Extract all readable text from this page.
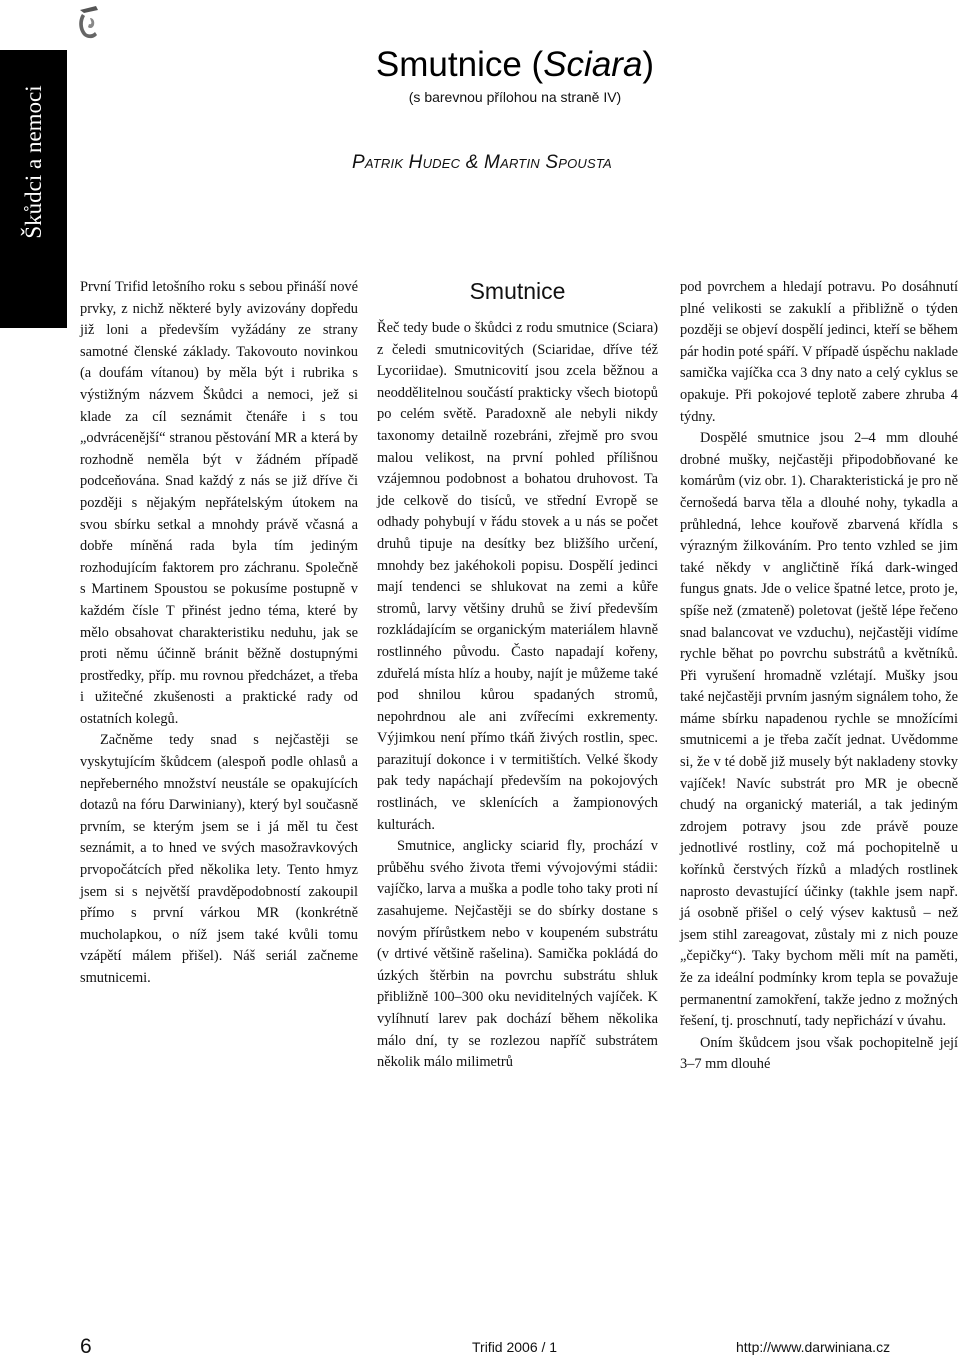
Škůdci a nemoci
Smutnice (Sciara)
(s barevnou přílohou na straně IV)
Patrik Hudec & Martin Spousta

První Trifid letošního roku s sebou přináší nové prvky, z nichž některé byly avizovány dopředu již loni a především vyžádány ze strany samotné členské základy. Takovouto novinkou (a doufám vítanou) by měla být i rubrika s výstižným názvem Škůdci a nemoci, jež si klade za cíl seznámit čtenáře i s tou „odvrácenější“ stranou pěstování MR a která by rozhodně neměla být v žádném případě podceňována. Snad každý z nás se již dříve či později s nějakým nepřátelským útokem na svou sbírku setkal a mnohdy právě včasná a dobře míněná rada byla tím jediným rozhodujícím faktorem pro záchranu. Společně s Martinem Spoustou se pokusíme postupně v každém čísle T přinést jedno téma, které by mělo obsahovat charakteristiku neduhu, jak se proti němu účinně bránit běžně dostupnými prostředky, příp. mu rovnou předcházet, a třeba i užitečné zkušenosti a praktické rady od ostatních kolegů.

Začněme tedy snad s nejčastěji se vyskytujícím škůdcem (alespoň podle ohlasů a nepřeberného množství neustále se opakujících dotazů na fóru Darwiniany), který byl současně prvním, se kterým jsem se i já měl tu čest seznámit, a to hned ve svých masožravkových prvopočátcích před několika lety. Tento hmyz jsem si s největší pravděpodobností zakoupil přímo s první várkou MR (konkrétně mucholapkou, o níž jsem také kvůli tomu vzápětí málem přišel). Náš seriál začneme smutnicemi.

Smutnice

Řeč tedy bude o škůdci z rodu smutnice (Sciara) z čeledi smutnicovitých (Sciaridae, dříve též Lycoriidae). Smutnicovití jsou zcela běžnou a neoddělitelnou součástí prakticky všech biotopů po celém světě. Paradoxně ale nebyli nikdy taxonomy detailně rozebráni, zřejmě pro svou malou velikost, na první pohled přílišnou vzájemnou podobnost a bohatou druhovost. Ta jde celkově do tisíců, ve střední Evropě se odhady pohybují v řádu stovek a u nás se počet druhů tipuje na desítky bez bližšího určení, mnohdy bez jakéhokoli popisu. Dospělí jedinci mají tendenci se shlukovat na zemi a kůře stromů, larvy většiny druhů se živí především rozkládajícím se organickým materiálem hlavně rostlinného původu. Často napadají kořeny, zduřelá místa hlíz a houby, najít je můžeme také pod shnilou kůrou spadaných stromů, nepohrdnou ale ani zvířecími exkrementy. Výjimkou není přímo tkáň živých rostlin, spec. parazitují dokonce i v termitištích. Velké škody pak tedy napáchají především na pokojových rostlinách, ve sklenících a žampionových kulturách.

Smutnice, anglicky sciarid fly, prochází v průběhu svého života třemi vývojovými stádii: vajíčko, larva a muška a podle toho taky proti ní zasahujeme. Nejčastěji se do sbírky dostane s novým přírůstkem nebo v koupeném substrátu (v drtivé většině rašelina). Samička pokládá do úzkých štěrbin na povrchu substrátu shluk přibližně 100–300 oku neviditelných vajíček. K vylíhnutí larev pak dochází během několika málo dní, ty se rozlezou napříč substrátem několik málo milimetrů

pod povrchem a hledají potravu. Po dosáhnutí plné velikosti se zakuklí a přibližně o týden později se objeví dospělí jedinci, kteří se během pár hodin poté spáří. V případě úspěchu naklade samička vajíčka cca 3 dny nato a celý cyklus se opakuje. Při pokojové teplotě zabere zhruba 4 týdny.

Dospělé smutnice jsou 2–4 mm dlouhé drobné mušky, nejčastěji připodobňované ke komárům (viz obr. 1). Charakteristická je pro ně černošedá barva těla a dlouhé nohy, tykadla a průhledná, lehce kouřově zbarvená křídla s výrazným žilkováním. Pro tento vzhled se jim také někdy v angličtině říká dark-winged fungus gnats. Jde o velice špatné letce, proto je, spíše než (zmateně) poletovat (ještě lépe řečeno snad balancovat ve vzduchu), nejčastěji vidíme rychle běhat po povrchu substrátů a květníků. Při vyrušení hromadně vzlétají. Mušky jsou také nejčastěji prvním jasným signálem toho, že máme sbírku napadenou rychle se množícími smutnicemi a je třeba začít jednat. Uvědomme si, že v té době již musely být nakladeny stovky vajíček! Navíc substrát pro MR je obecně chudý na organický materiál, a tak jediným zdrojem potravy jsou zde právě pouze jednotlivé rostliny, což má pochopitelně u kořínků čerstvých řízků a mladých rostlinek naprosto devastující účinky (takhle jsem např. já osobně přišel o celý výsev kaktusů – než jsem stihl zareagovat, zůstaly mi z nich pouze „čepičky“). Taky bychom měli mít na paměti, že za ideální podmínky krom tepla se považuje permanentní zamokření, takže jedno z možných řešení, tj. proschnutí, tady nepřichází v úvahu.

Oním škůdcem jsou však pochopitelně její 3–7 mm dlouhé

6	Trifid 2006 / 1	http://www.darwiniana.cz
